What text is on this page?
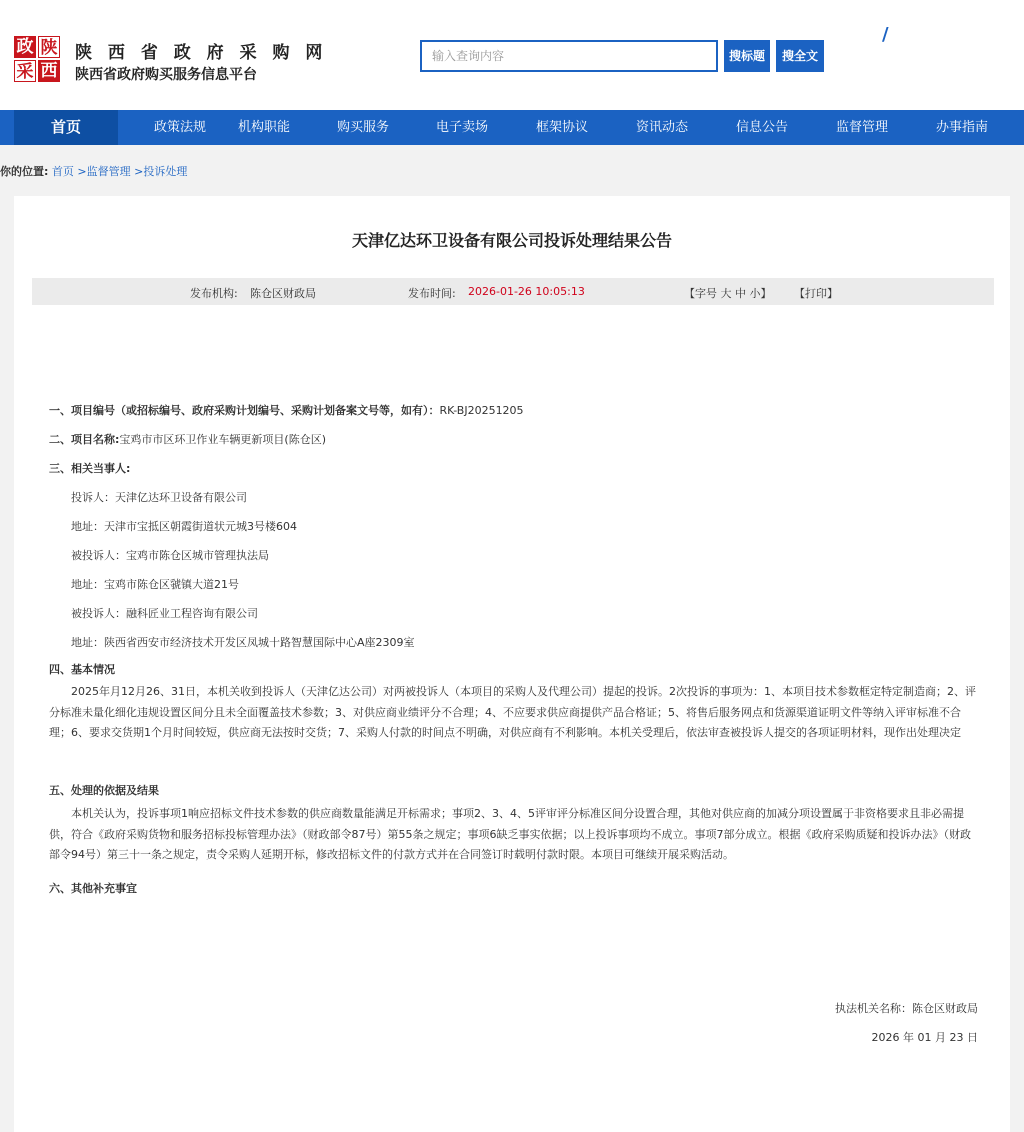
政 陕
采 西
陕 西 省 政 府 采 购 网
陕西省政府购买服务信息平台
输入查询内容
搜标题	搜全文
/
首页	政策法规	机构职能	购买服务	电子卖场	框架协议	资讯动态	信息公告	监督管理	办事指南
你的位置: 首页 >监督管理 >投诉处理
天津亿达环卫设备有限公司投诉处理结果公告
发布机构: 陈仓区财政局	发布时间: 2026-01-26 10:05:13	【字号 大 中 小】 【打印】
一、项目编号（或招标编号、政府采购计划编号、采购计划备案文号等，如有）：RK-BJ20251205
二、项目名称:宝鸡市市区环卫作业车辆更新项目(陈仓区)
三、相关当事人:
投诉人：天津亿达环卫设备有限公司
地址：天津市宝抵区朝霞街道状元城3号楼604
被投诉人：宝鸡市陈仓区城市管理执法局
地址：宝鸡市陈仓区虢镇大道21号
被投诉人：融科匠业工程咨询有限公司
地址：陕西省西安市经济技术开发区凤城十路智慧国际中心A座2309室
四、基本情况
2025年月12月26、31日，本机关收到投诉人（天津亿达公司）对两被投诉人（本项目的采购人及代理公司）提起的投诉。2次投诉的事项为：1、本项目技术参数框定特定制造商；2、评分标准未量化细化违规设置区间分且未全面覆盖技术参数；3、对供应商业绩评分不合理；4、不应要求供应商提供产品合格证；5、将售后服务网点和货源渠道证明文件等纳入评审标准不合理；6、要求交货期1个月时间较短，供应商无法按时交货；7、采购人付款的时间点不明确，对供应商有不利影响。本机关受理后，依法审查被投诉人提交的各项证明材料，现作出处理决定
五、处理的依据及结果
本机关认为，投诉事项1响应招标文件技术参数的供应商数量能满足开标需求；事项2、3、4、5评审评分标准区间分设置合理，其他对供应商的加减分项设置属于非资格要求且非必需提供，符合《政府采购货物和服务招标投标管理办法》（财政部令87号）第55条之规定；事项6缺乏事实依据；以上投诉事项均不成立。事项7部分成立。根据《政府采购质疑和投诉办法》（财政部令94号）第三十一条之规定，责令采购人延期开标，修改招标文件的付款方式并在合同签订时载明付款时限。本项目可继续开展采购活动。
六、其他补充事宜
执法机关名称：陈仓区财政局
2026 年 01 月 23 日
